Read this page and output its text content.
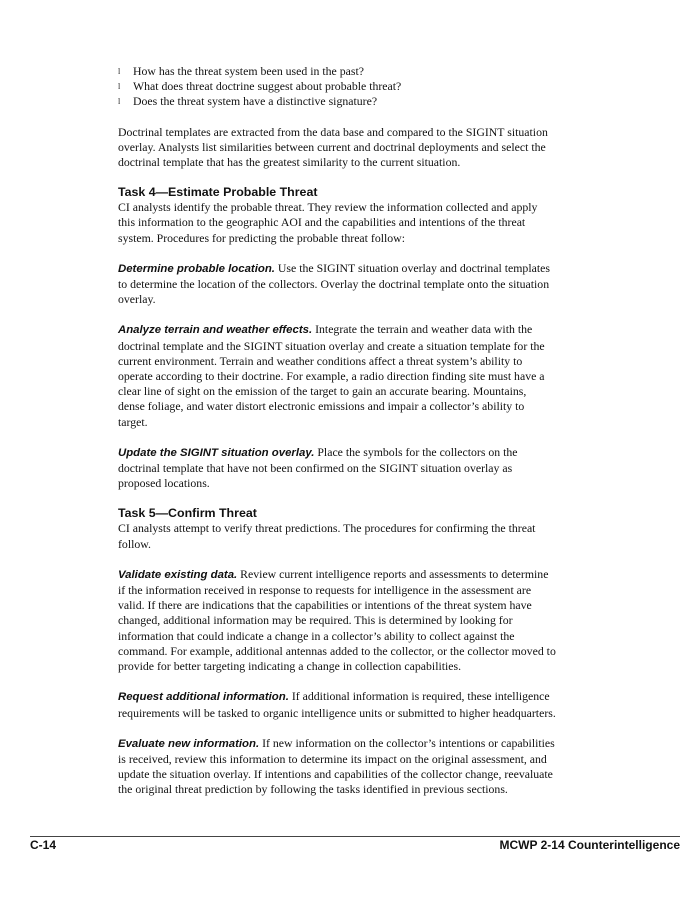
l How has the threat system been used in the past?
l What does threat doctrine suggest about probable threat?
l Does the threat system have a distinctive signature?

Doctrinal templates are extracted from the data base and compared to the SIGINT situation overlay. Analysts list similarities between current and doctrinal deployments and select the doctrinal template that has the greatest similarity to the current situation.

Task 4—Estimate Probable Threat

CI analysts identify the probable threat. They review the information collected and apply this information to the geographic AOI and the capabilities and intentions of the threat system. Procedures for predicting the probable threat follow:

Determine probable location. Use the SIGINT situation overlay and doctrinal templates to determine the location of the collectors. Overlay the doctrinal template onto the situation overlay.

Analyze terrain and weather effects. Integrate the terrain and weather data with the doctrinal template and the SIGINT situation overlay and create a situation template for the current environment. Terrain and weather conditions affect a threat system’s ability to operate according to their doctrine. For example, a radio direction finding site must have a clear line of sight on the emission of the target to gain an accurate bearing. Mountains, dense foliage, and water distort electronic emissions and impair a collector’s ability to target.

Update the SIGINT situation overlay. Place the symbols for the collectors on the doctrinal template that have not been confirmed on the SIGINT situation overlay as proposed locations.

Task 5—Confirm Threat

CI analysts attempt to verify threat predictions. The procedures for confirming the threat follow.

Validate existing data. Review current intelligence reports and assessments to determine if the information received in response to requests for intelligence in the assessment are valid. If there are indications that the capabilities or intentions of the threat system have changed, additional information may be required. This is determined by looking for information that could indicate a change in a collector’s ability to collect against the command. For example, additional antennas added to the collector, or the collector moved to provide for better targeting indicating a change in collection capabilities.

Request additional information. If additional information is required, these intelligence requirements will be tasked to organic intelligence units or submitted to higher headquarters.

Evaluate new information. If new information on the collector’s intentions or capabilities is received, review this information to determine its impact on the original assessment, and update the situation overlay. If intentions and capabilities of the collector change, reevaluate the original threat prediction by following the tasks identified in previous sections.

C-14	MCWP 2-14 Counterintelligence
